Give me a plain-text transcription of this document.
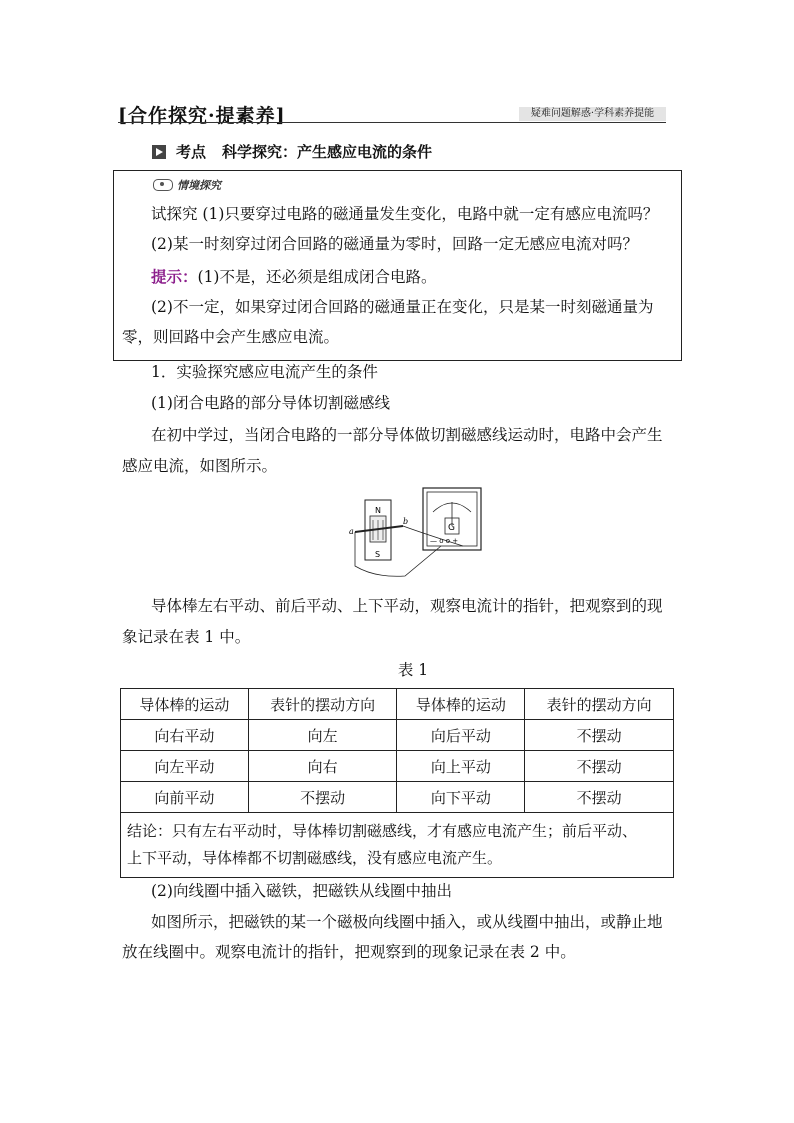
[合作探究·提素养]	疑难问题解惑·学科素养提能
考点 科学探究：产生感应电流的条件
情境探究
试探究 (1)只要穿过电路的磁通量发生变化，电路中就一定有感应电流吗？
(2)某一时刻穿过闭合回路的磁通量为零时，回路一定无感应电流对吗？
提示：(1)不是，还必须是组成闭合电路。
(2)不一定，如果穿过闭合回路的磁通量正在变化，只是某一时刻磁通量为
零，则回路中会产生感应电流。
1．实验探究感应电流产生的条件
(1)闭合电路的部分导体切割磁感线
在初中学过，当闭合电路的一部分导体做切割磁感线运动时，电路中会产生
感应电流，如图所示。
G
— o o +
N
S
a
b
导体棒左右平动、前后平动、上下平动，观察电流计的指针，把观察到的现
象记录在表 1 中。
表 1
导体棒的运动	表针的摆动方向	导体棒的运动	表针的摆动方向
向右平动	向左	向后平动	不摆动
向左平动	向右	向上平动	不摆动
向前平动	不摆动	向下平动	不摆动

结论：只有左右平动时，导体棒切割磁感线，才有感应电流产生；前后平动、
上下平动，导体棒都不切割磁感线，没有感应电流产生。			
(2)向线圈中插入磁铁，把磁铁从线圈中抽出
如图所示，把磁铁的某一个磁极向线圈中插入，或从线圈中抽出，或静止地
放在线圈中。观察电流计的指针，把观察到的现象记录在表 2 中。
